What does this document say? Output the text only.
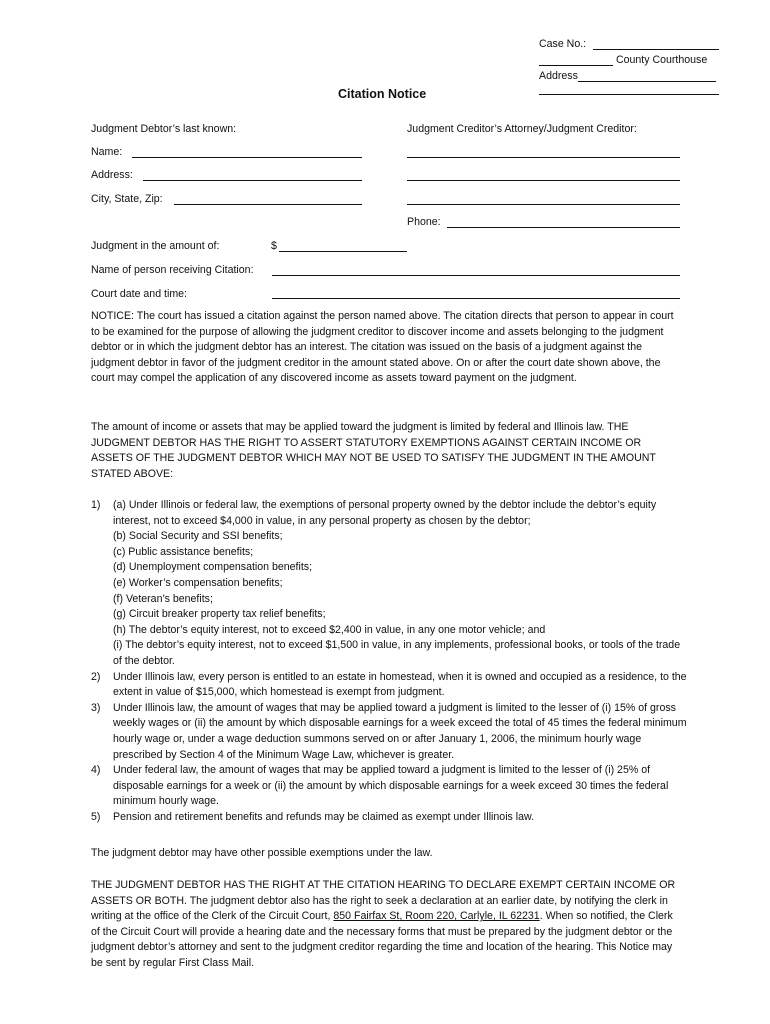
Case No.:
County Courthouse
Address
Citation Notice
Judgment Debtor’s last known:	Judgment Creditor’s Attorney/Judgment Creditor:
Name:
Address:
City, State, Zip:
Phone:
Judgment in the amount of:	$
Name of person receiving Citation:
Court date and time:
NOTICE: The court has issued a citation against the person named above. The citation directs that person to appear in court to be examined for the purpose of allowing the judgment creditor to discover income and assets belonging to the judgment debtor or in which the judgment debtor has an interest. The citation was issued on the basis of a judgment against the judgment debtor in favor of the judgment creditor in the amount stated above. On or after the court date shown above, the court may compel the application of any discovered income as assets toward payment on the judgment.
The amount of income or assets that may be applied toward the judgment is limited by federal and Illinois law. THE JUDGMENT DEBTOR HAS THE RIGHT TO ASSERT STATUTORY EXEMPTIONS AGAINST CERTAIN INCOME OR ASSETS OF THE JUDGMENT DEBTOR WHICH MAY NOT BE USED TO SATISFY THE JUDGMENT IN THE AMOUNT STATED ABOVE:
1) (a) Under Illinois or federal law, the exemptions of personal property owned by the debtor include the debtor’s equity interest, not to exceed $4,000 in value, in any personal property as chosen by the debtor;
(b) Social Security and SSI benefits;
(c) Public assistance benefits;
(d) Unemployment compensation benefits;
(e) Worker’s compensation benefits;
(f) Veteran’s benefits;
(g) Circuit breaker property tax relief benefits;
(h) The debtor’s equity interest, not to exceed $2,400 in value, in any one motor vehicle; and
(i) The debtor’s equity interest, not to exceed $1,500 in value, in any implements, professional books, or tools of the trade of the debtor.
2) Under Illinois law, every person is entitled to an estate in homestead, when it is owned and occupied as a residence, to the extent in value of $15,000, which homestead is exempt from judgment.
3) Under Illinois law, the amount of wages that may be applied toward a judgment is limited to the lesser of (i) 15% of gross weekly wages or (ii) the amount by which disposable earnings for a week exceed the total of 45 times the federal minimum hourly wage or, under a wage deduction summons served on or after January 1, 2006, the minimum hourly wage prescribed by Section 4 of the Minimum Wage Law, whichever is greater.
4) Under federal law, the amount of wages that may be applied toward a judgment is limited to the lesser of (i) 25% of disposable earnings for a week or (ii) the amount by which disposable earnings for a week exceed 30 times the federal minimum hourly wage.
5) Pension and retirement benefits and refunds may be claimed as exempt under Illinois law.
The judgment debtor may have other possible exemptions under the law.
THE JUDGMENT DEBTOR HAS THE RIGHT AT THE CITATION HEARING TO DECLARE EXEMPT CERTAIN INCOME OR ASSETS OR BOTH. The judgment debtor also has the right to seek a declaration at an earlier date, by notifying the clerk in writing at the office of the Clerk of the Circuit Court, 850 Fairfax St, Room 220, Carlyle, IL 62231. When so notified, the Clerk of the Circuit Court will provide a hearing date and the necessary forms that must be prepared by the judgment debtor or the judgment debtor’s attorney and sent to the judgment creditor regarding the time and location of the hearing. This Notice may be sent by regular First Class Mail.
